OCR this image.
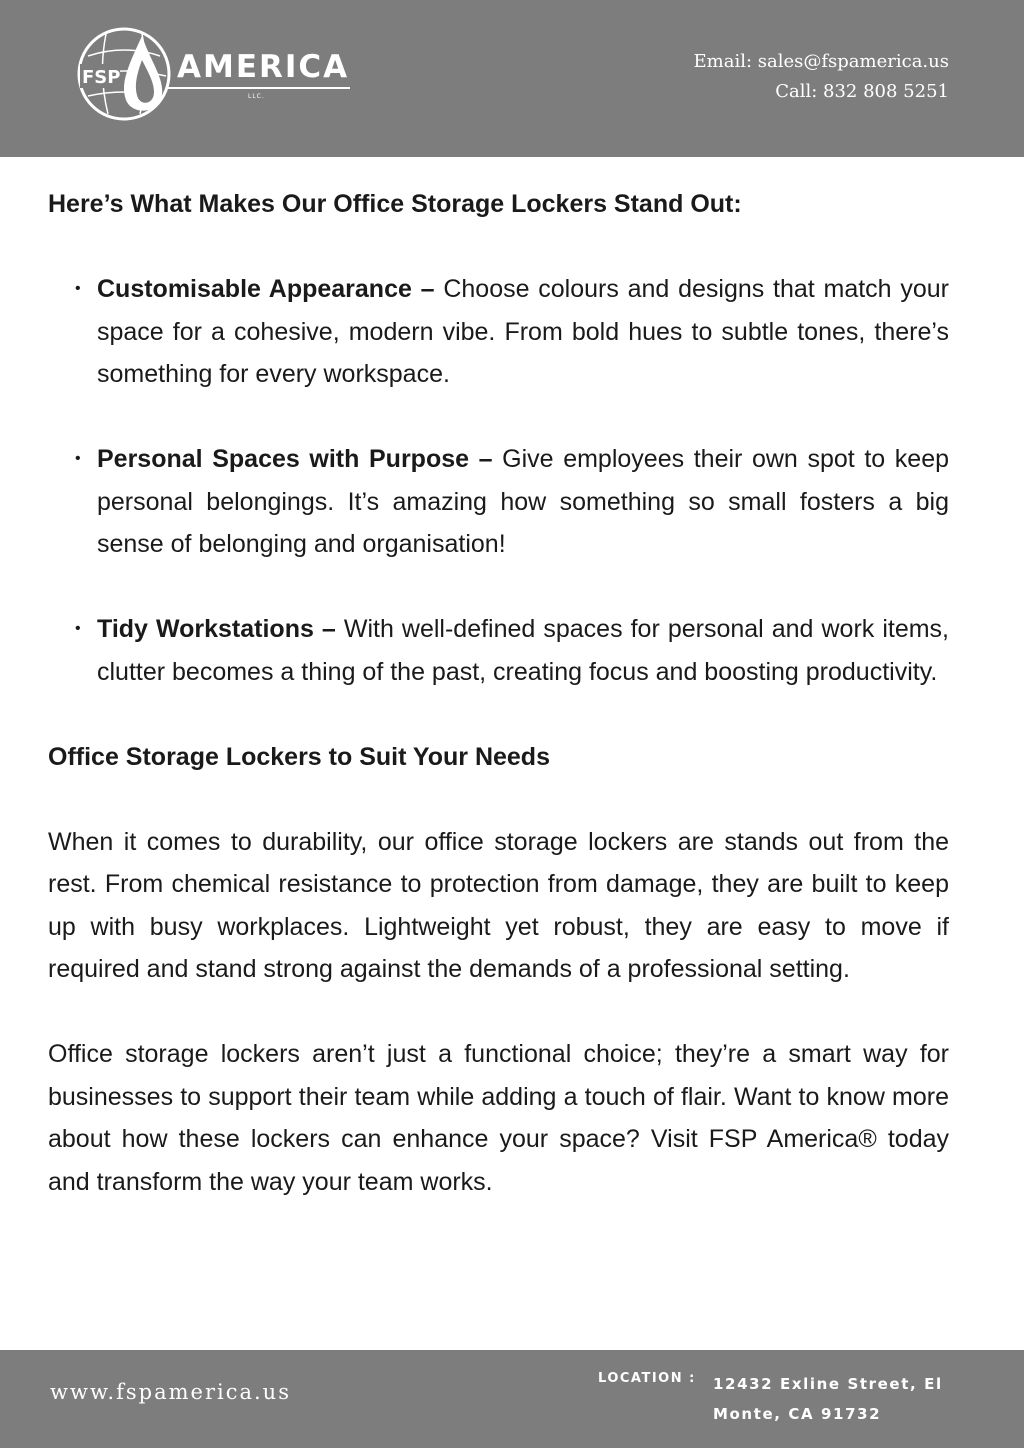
FSP AMERICA
LLC.
Email: sales@fspamerica.us
Call: 832 808 5251
Here’s What Makes Our Office Storage Lockers Stand Out:
• Customisable Appearance – Choose colours and designs that match your space for a cohesive, modern vibe. From bold hues to subtle tones, there’s something for every workspace.
• Personal Spaces with Purpose – Give employees their own spot to keep personal belongings. It’s amazing how something so small fosters a big sense of belonging and organisation!
• Tidy Workstations – With well-defined spaces for personal and work items, clutter becomes a thing of the past, creating focus and boosting productivity.
Office Storage Lockers to Suit Your Needs

When it comes to durability, our office storage lockers are stands out from the rest. From chemical resistance to protection from damage, they are built to keep up with busy workplaces. Lightweight yet robust, they are easy to move if required and stand strong against the demands of a professional setting.

Office storage lockers aren’t just a functional choice; they’re a smart way for businesses to support their team while adding a touch of flair. Want to know more about how these lockers can enhance your space? Visit FSP America® today and transform the way your team works.

www.fspamerica.us
LOCATION : 12432 Exline Street, El
Monte, CA 91732
